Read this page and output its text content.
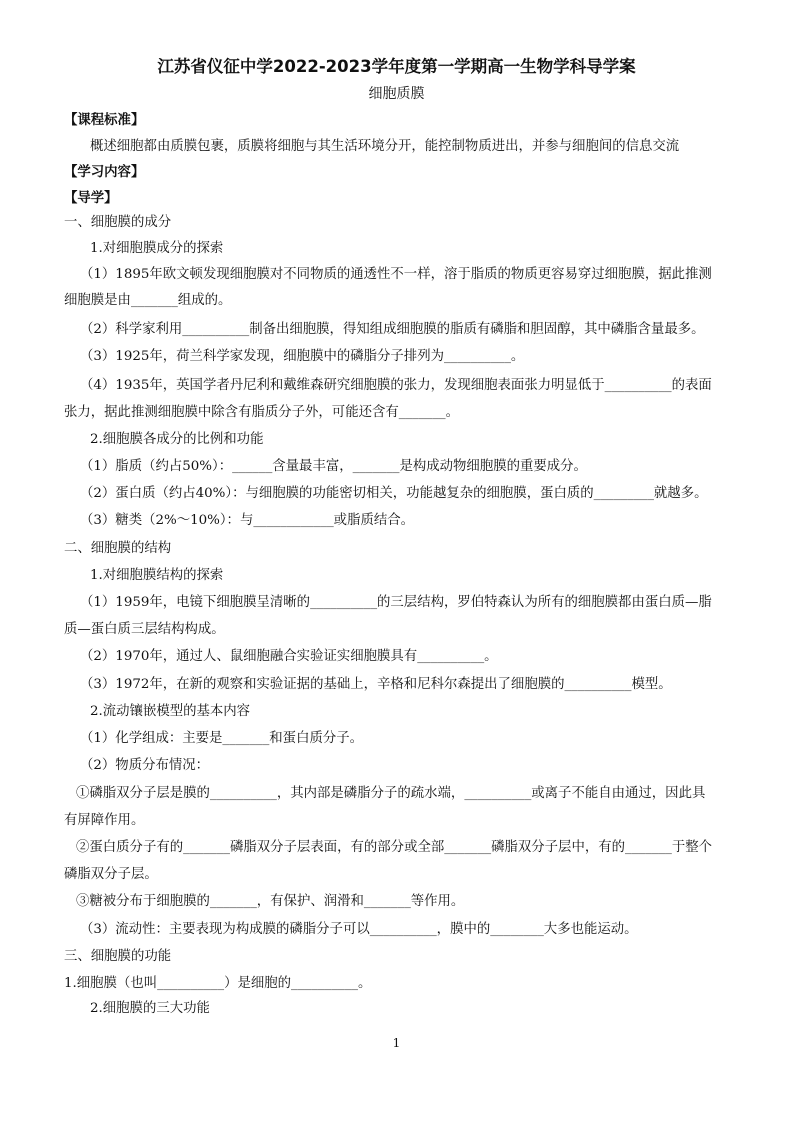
江苏省仪征中学2022-2023学年度第一学期高一生物学科导学案
细胞质膜
【课程标准】
概述细胞都由质膜包裹，质膜将细胞与其生活环境分开，能控制物质进出，并参与细胞间的信息交流
【学习内容】
【导学】
一、细胞膜的成分
1.对细胞膜成分的探索
（1）1895年欧文顿发现细胞膜对不同物质的通透性不一样，溶于脂质的物质更容易穿过细胞膜，据此推测
细胞膜是由_______组成的。
（2）科学家利用__________制备出细胞膜，得知组成细胞膜的脂质有磷脂和胆固醇，其中磷脂含量最多。
（3）1925年，荷兰科学家发现，细胞膜中的磷脂分子排列为__________。
（4）1935年，英国学者丹尼利和戴维森研究细胞膜的张力，发现细胞表面张力明显低于__________的表面
张力，据此推测细胞膜中除含有脂质分子外，可能还含有_______。
2.细胞膜各成分的比例和功能
（1）脂质（约占50%）：______含量最丰富，_______是构成动物细胞膜的重要成分。
（2）蛋白质（约占40%）：与细胞膜的功能密切相关，功能越复杂的细胞膜，蛋白质的_________就越多。
（3）糖类（2%～10%）：与____________或脂质结合。
二、细胞膜的结构
1.对细胞膜结构的探索
（1）1959年，电镜下细胞膜呈清晰的__________的三层结构，罗伯特森认为所有的细胞膜都由蛋白质—脂
质—蛋白质三层结构构成。
（2）1970年，通过人、鼠细胞融合实验证实细胞膜具有__________。
（3）1972年，在新的观察和实验证据的基础上，辛格和尼科尔森提出了细胞膜的__________模型。
2.流动镶嵌模型的基本内容
（1）化学组成：主要是_______和蛋白质分子。
（2）物质分布情况：
①磷脂双分子层是膜的__________，其内部是磷脂分子的疏水端，__________或离子不能自由通过，因此具
有屏障作用。
②蛋白质分子有的_______磷脂双分子层表面，有的部分或全部_______磷脂双分子层中，有的_______于整个
磷脂双分子层。
③糖被分布于细胞膜的_______，有保护、润滑和_______等作用。
（3）流动性：主要表现为构成膜的磷脂分子可以__________，膜中的________大多也能运动。
三、细胞膜的功能
1.细胞膜（也叫__________）是细胞的__________。
2.细胞膜的三大功能
1
